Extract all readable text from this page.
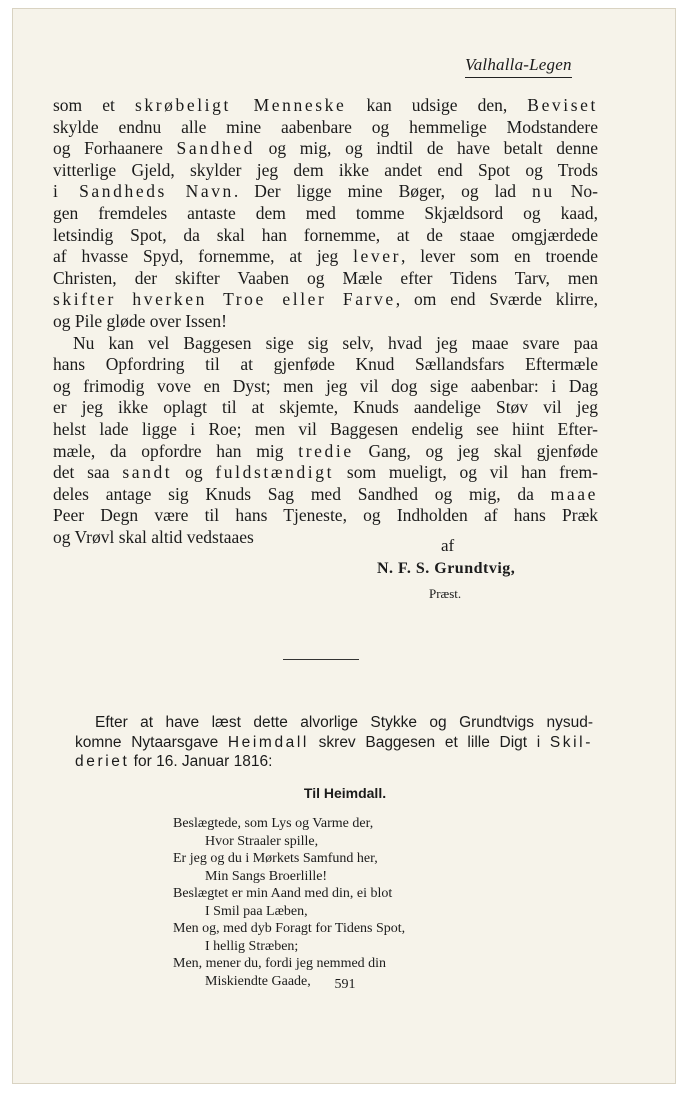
Valhalla-Legen
som et skrøbeligt Menneske kan udsige den, Beviset
skylde endnu alle mine aabenbare og hemmelige Modstandere
og Forhaanere Sandhed og mig, og indtil de have betalt denne
vitterlige Gjeld, skylder jeg dem ikke andet end Spot og Trods
i Sandheds Navn. Der ligge mine Bøger, og lad nu No-
gen fremdeles antaste dem med tomme Skjældsord og kaad,
letsindig Spot, da skal han fornemme, at de staae omgjærdede
af hvasse Spyd, fornemme, at jeg lever, lever som en troende
Christen, der skifter Vaaben og Mæle efter Tidens Tarv, men
skifter hverken Troe eller Farve, om end Sværde klirre,
og Pile gløde over Issen!
Nu kan vel Baggesen sige sig selv, hvad jeg maae svare paa
hans Opfordring til at gjenføde Knud Sællandsfars Eftermæle
og frimodig vove en Dyst; men jeg vil dog sige aabenbar: i Dag
er jeg ikke oplagt til at skjemte, Knuds aandelige Støv vil jeg
helst lade ligge i Roe; men vil Baggesen endelig see hiint Efter-
mæle, da opfordre han mig tredie Gang, og jeg skal gjenføde
det saa sandt og fuldstændigt som mueligt, og vil han frem-
deles antage sig Knuds Sag med Sandhed og mig, da maae
Peer Degn være til hans Tjeneste, og Indholden af hans Præk
og Vrøvl skal altid vedstaaes	af
N. F. S. Grundtvig,
Præst.
Efter at have læst dette alvorlige Stykke og Grundtvigs nysud-
komne Nytaarsgave Heimdall skrev Baggesen et lille Digt i Skil-
deriet for 16. Januar 1816:
Til Heimdall.
Beslægtede, som Lys og Varme der,
Hvor Straaler spille,
Er jeg og du i Mørkets Samfund her,
Min Sangs Broerlille!
Beslægtet er min Aand med din, ei blot
I Smil paa Læben,
Men og, med dyb Foragt for Tidens Spot,
I hellig Stræben;
Men, mener du, fordi jeg nemmed din
Miskiendte Gaade,	591
